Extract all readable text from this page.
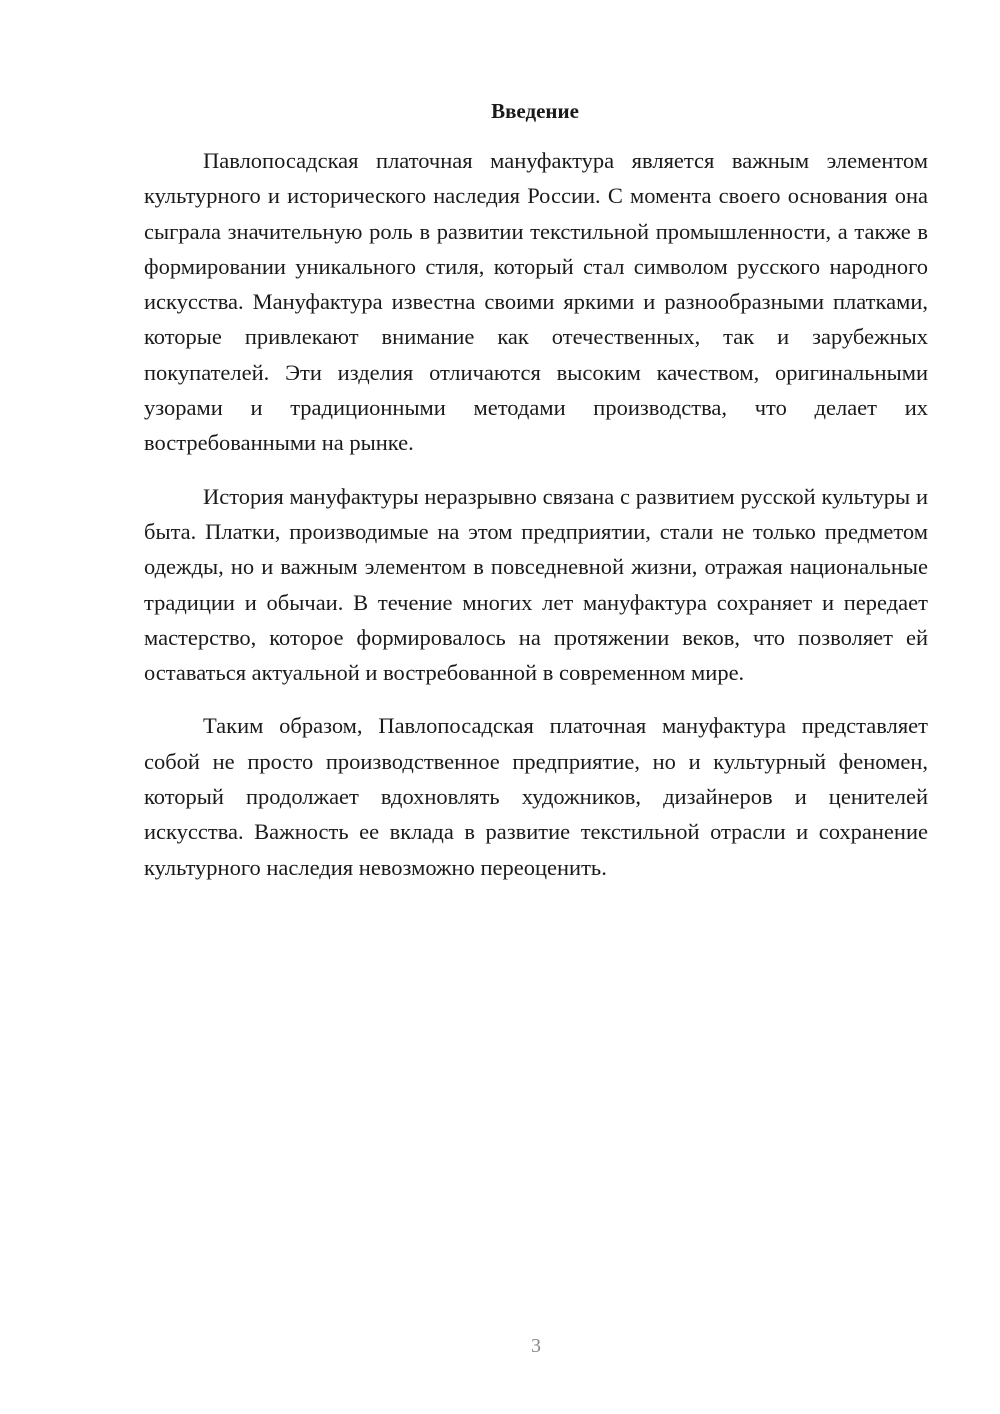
Введение

Павлопосадская платочная мануфактура является важным элементом культурного и исторического наследия России. С момента своего основания она сыграла значительную роль в развитии текстильной промышленности, а также в формировании уникального стиля, который стал символом русского народного искусства. Мануфактура известна своими яркими и разнообразными платками, которые привлекают внимание как отечественных, так и зарубежных покупателей. Эти изделия отличаются высоким качеством, оригинальными узорами и традиционными методами производства, что делает их востребованными на рынке.

История мануфактуры неразрывно связана с развитием русской культуры и быта. Платки, производимые на этом предприятии, стали не только предметом одежды, но и важным элементом в повседневной жизни, отражая национальные традиции и обычаи. В течение многих лет мануфактура сохраняет и передает мастерство, которое формировалось на протяжении веков, что позволяет ей оставаться актуальной и востребованной в современном мире.

Таким образом, Павлопосадская платочная мануфактура представляет собой не просто производственное предприятие, но и культурный феномен, который продолжает вдохновлять художников, дизайнеров и ценителей искусства. Важность ее вклада в развитие текстильной отрасли и сохранение культурного наследия невозможно переоценить.

3
